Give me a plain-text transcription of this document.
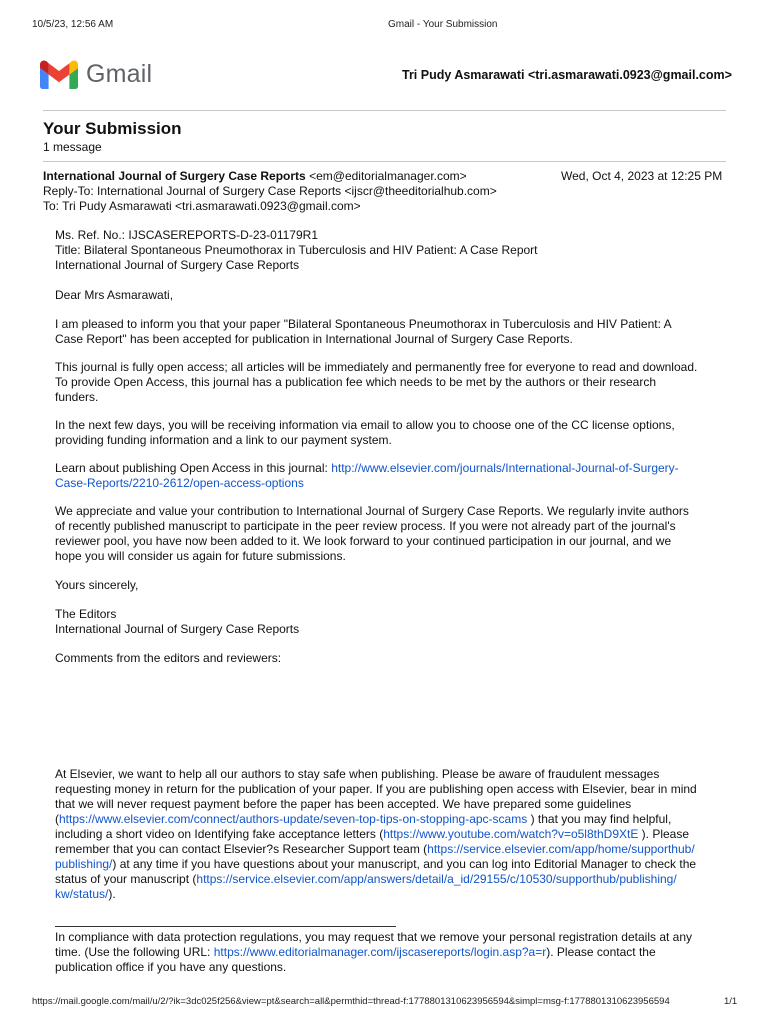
10/5/23, 12:56 AM	Gmail - Your Submission
Gmail	Tri Pudy Asmarawati <tri.asmarawati.0923@gmail.com>
Your Submission
1 message
International Journal of Surgery Case Reports <em@editorialmanager.com>	Wed, Oct 4, 2023 at 12:25 PM
Reply-To: International Journal of Surgery Case Reports <ijscr@theeditorialhub.com>
To: Tri Pudy Asmarawati <tri.asmarawati.0923@gmail.com>
Ms. Ref. No.: IJSCASEREPORTS-D-23-01179R1
Title: Bilateral Spontaneous Pneumothorax in Tuberculosis and HIV Patient: A Case Report
International Journal of Surgery Case Reports
Dear Mrs Asmarawati,
I am pleased to inform you that your paper "Bilateral Spontaneous Pneumothorax in Tuberculosis and HIV Patient: A
Case Report" has been accepted for publication in International Journal of Surgery Case Reports.
This journal is fully open access; all articles will be immediately and permanently free for everyone to read and download.
To provide Open Access, this journal has a publication fee which needs to be met by the authors or their research
funders.
In the next few days, you will be receiving information via email to allow you to choose one of the CC license options,
providing funding information and a link to our payment system.
Learn about publishing Open Access in this journal: http://www.elsevier.com/journals/International-Journal-of-Surgery-
Case-Reports/2210-2612/open-access-options
We appreciate and value your contribution to International Journal of Surgery Case Reports. We regularly invite authors
of recently published manuscript to participate in the peer review process. If you were not already part of the journal's
reviewer pool, you have now been added to it. We look forward to your continued participation in our journal, and we
hope you will consider us again for future submissions.
Yours sincerely,
The Editors
International Journal of Surgery Case Reports
Comments from the editors and reviewers:
At Elsevier, we want to help all our authors to stay safe when publishing. Please be aware of fraudulent messages
requesting money in return for the publication of your paper. If you are publishing open access with Elsevier, bear in mind
that we will never request payment before the paper has been accepted. We have prepared some guidelines
(https://www.elsevier.com/connect/authors-update/seven-top-tips-on-stopping-apc-scams ) that you may find helpful,
including a short video on Identifying fake acceptance letters (https://www.youtube.com/watch?v=o5l8thD9XtE ). Please
remember that you can contact Elsevier?s Researcher Support team (https://service.elsevier.com/app/home/supporthub/
publishing/) at any time if you have questions about your manuscript, and you can log into Editorial Manager to check the
status of your manuscript (https://service.elsevier.com/app/answers/detail/a_id/29155/c/10530/supporthub/publishing/
kw/status/).
In compliance with data protection regulations, you may request that we remove your personal registration details at any
time. (Use the following URL: https://www.editorialmanager.com/ijscasereports/login.asp?a=r). Please contact the
publication office if you have any questions.
https://mail.google.com/mail/u/2/?ik=3dc025f256&view=pt&search=all&permthid=thread-f:1778801310623956594&simpl=msg-f:1778801310623956594	1/1
